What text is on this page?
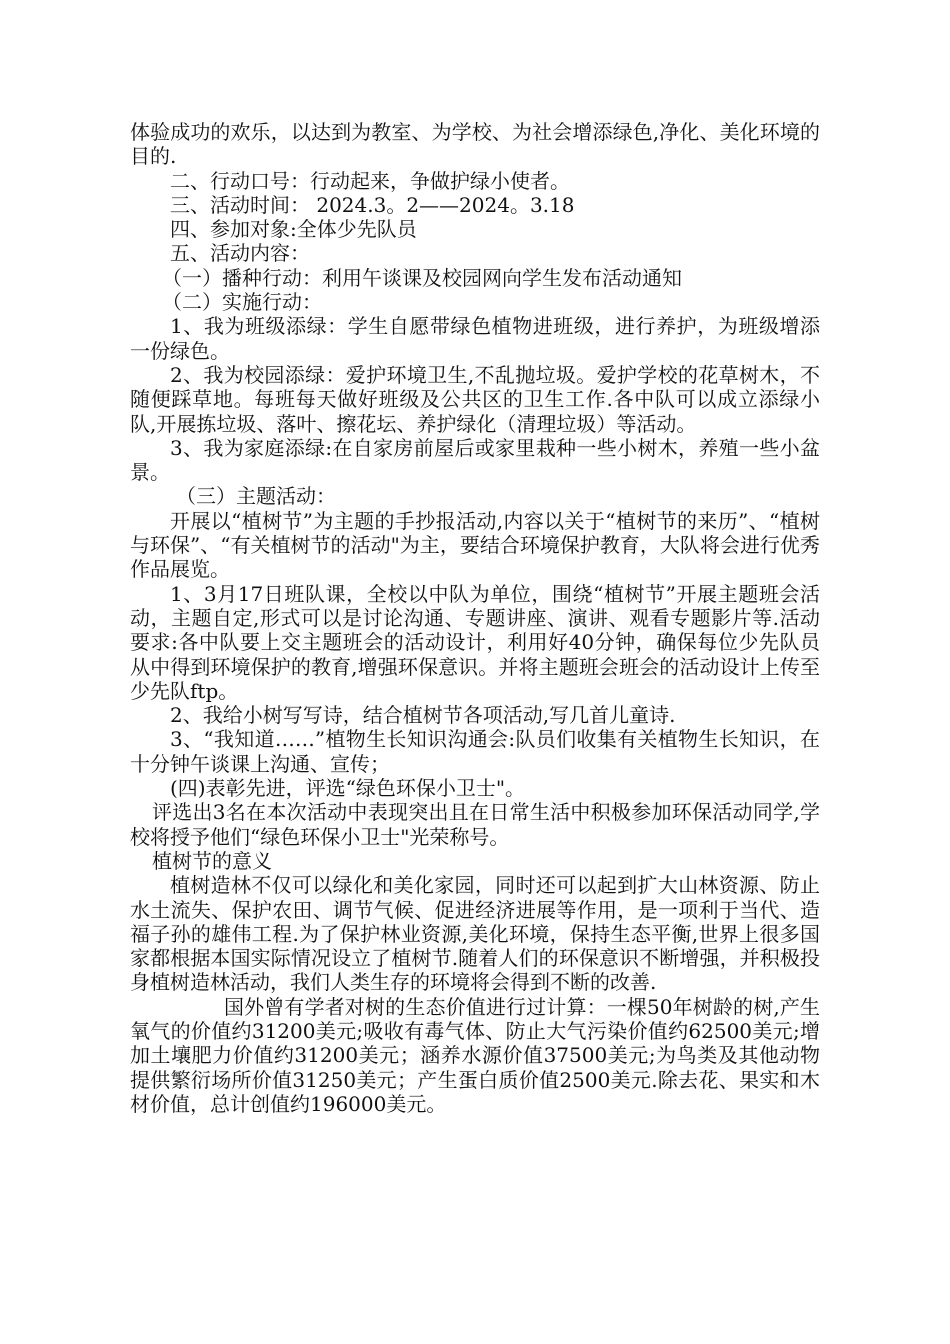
体验成功的欢乐，以达到为教室、为学校、为社会增添绿色,净化、美化环境的目的.

二、行动口号：行动起来，争做护绿小使者。

三、活动时间： 2024.3。2——2024。3.18

四、参加对象:全体少先队员

五、活动内容：

（一）播种行动：利用午谈课及校园网向学生发布活动通知

（二）实施行动：

1、我为班级添绿：学生自愿带绿色植物进班级，进行养护，为班级增添一份绿色。

2、我为校园添绿：爱护环境卫生,不乱抛垃圾。爱护学校的花草树木，不随便踩草地。每班每天做好班级及公共区的卫生工作.各中队可以成立添绿小队,开展拣垃圾、落叶、擦花坛、养护绿化（清理垃圾）等活动。

3、我为家庭添绿:在自家房前屋后或家里栽种一些小树木，养殖一些小盆景。

（三）主题活动：

开展以“植树节”为主题的手抄报活动,内容以关于“植树节的来历”、“植树与环保”、“有关植树节的活动"为主，要结合环境保护教育，大队将会进行优秀作品展览。

1、3月17日班队课，全校以中队为单位，围绕“植树节”开展主题班会活动，主题自定,形式可以是讨论沟通、专题讲座、演讲、观看专题影片等.活动要求:各中队要上交主题班会的活动设计，利用好40分钟，确保每位少先队员从中得到环境保护的教育,增强环保意识。并将主题班会班会的活动设计上传至少先队ftp。

2、我给小树写写诗，结合植树节各项活动,写几首儿童诗.

3、“我知道……”植物生长知识沟通会:队员们收集有关植物生长知识，在十分钟午谈课上沟通、宣传；

(四)表彰先进，评选“绿色环保小卫士"。

评选出3名在本次活动中表现突出且在日常生活中积极参加环保活动同学,学校将授予他们“绿色环保小卫士"光荣称号。

植树节的意义

植树造林不仅可以绿化和美化家园，同时还可以起到扩大山林资源、防止水土流失、保护农田、调节气候、促进经济进展等作用，是一项利于当代、造福子孙的雄伟工程.为了保护林业资源,美化环境，保持生态平衡,世界上很多国家都根据本国实际情况设立了植树节.随着人们的环保意识不断增强，并积极投身植树造林活动，我们人类生存的环境将会得到不断的改善.

国外曾有学者对树的生态价值进行过计算：一棵50年树龄的树,产生氧气的价值约31200美元;吸收有毒气体、防止大气污染价值约62500美元;增加土壤肥力价值约31200美元；涵养水源价值37500美元;为鸟类及其他动物提供繁衍场所价值31250美元；产生蛋白质价值2500美元.除去花、果实和木材价值，总计创值约196000美元。
